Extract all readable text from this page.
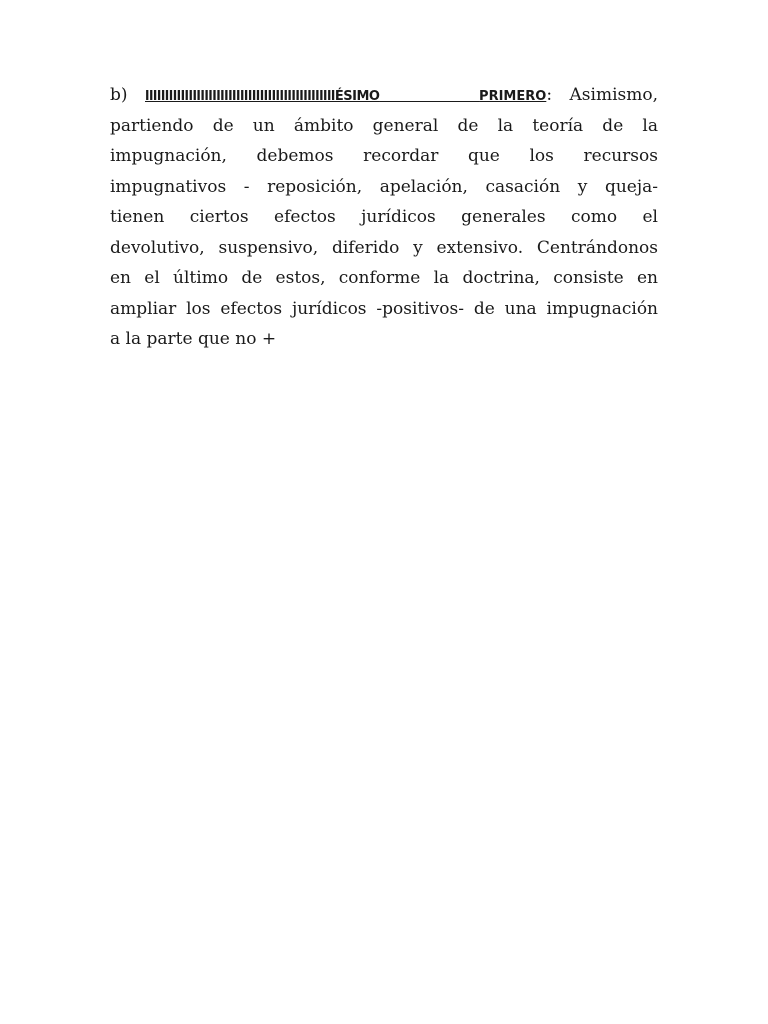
b) llllllllllllllllllllllllllllllllllllllllllllllllÉSIMO	PRIMERO: Asimismo,
partiendo de un ámbito general de la teoría de la
impugnación, debemos recordar que los recursos
impugnativos - reposición, apelación, casación y queja-
tienen ciertos efectos jurídicos generales como el
devolutivo, suspensivo, diferido y extensivo. Centrándonos
en el último de estos, conforme la doctrina, consiste en
ampliar los efectos jurídicos -positivos- de una impugnación
a la parte que no +
